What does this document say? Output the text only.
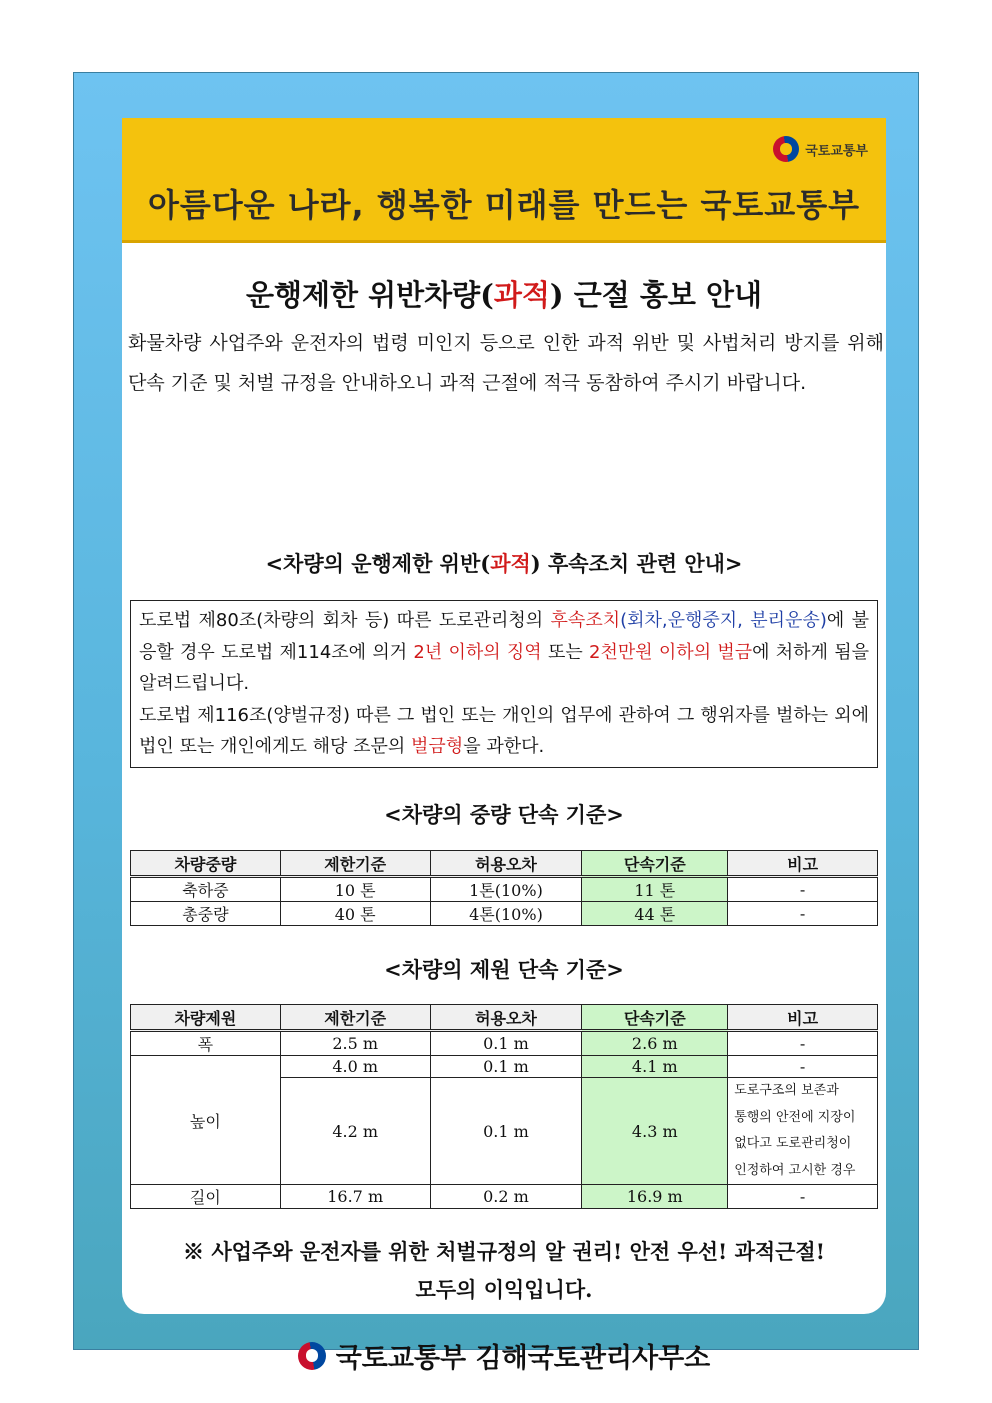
국토교통부
아름다운 나라, 행복한 미래를 만드는 국토교통부
운행제한 위반차량(과적) 근절 홍보 안내
화물차량 사업주와 운전자의 법령 미인지 등으로 인한 과적 위반 및 사법처리 방지를 위해 단속 기준 및 처벌 규정을 안내하오니 과적 근절에 적극 동참하여 주시기 바랍니다.
<차량의 운행제한 위반(과적) 후속조치 관련 안내>
도로법 제80조(차량의 회차 등) 따른 도로관리청의 후속조치(회차,운행중지, 분리운송)에 불응할 경우 도로법 제114조에 의거 2년 이하의 징역 또는 2천만원 이하의 벌금에 처하게 됨을 알려드립니다.
도로법 제116조(양벌규정) 따른 그 법인 또는 개인의 업무에 관하여 그 행위자를 벌하는 외에 법인 또는 개인에게도 해당 조문의 벌금형을 과한다.
<차량의 중량 단속 기준>
차량중량	제한기준	허용오차	단속기준	비고
축하중	10 톤	1톤(10%)	11 톤	-
총중량	40 톤	4톤(10%)	44 톤	-
<차량의 제원 단속 기준>
차량제원	제한기준	허용오차	단속기준	비고
폭	2.5 m	0.1 m	2.6 m	-
높이	4.0 m	0.1 m	4.1 m	-
	4.2 m	0.1 m	4.3 m	도로구조의 보존과
통행의 안전에 지장이
없다고 도로관리청이
인정하여 고시한 경우

길이	16.7 m	0.2 m	16.9 m	-
※ 사업주와 운전자를 위한 처벌규정의 알 권리! 안전 우선! 과적근절!
모두의 이익입니다.
국토교통부 김해국토관리사무소
